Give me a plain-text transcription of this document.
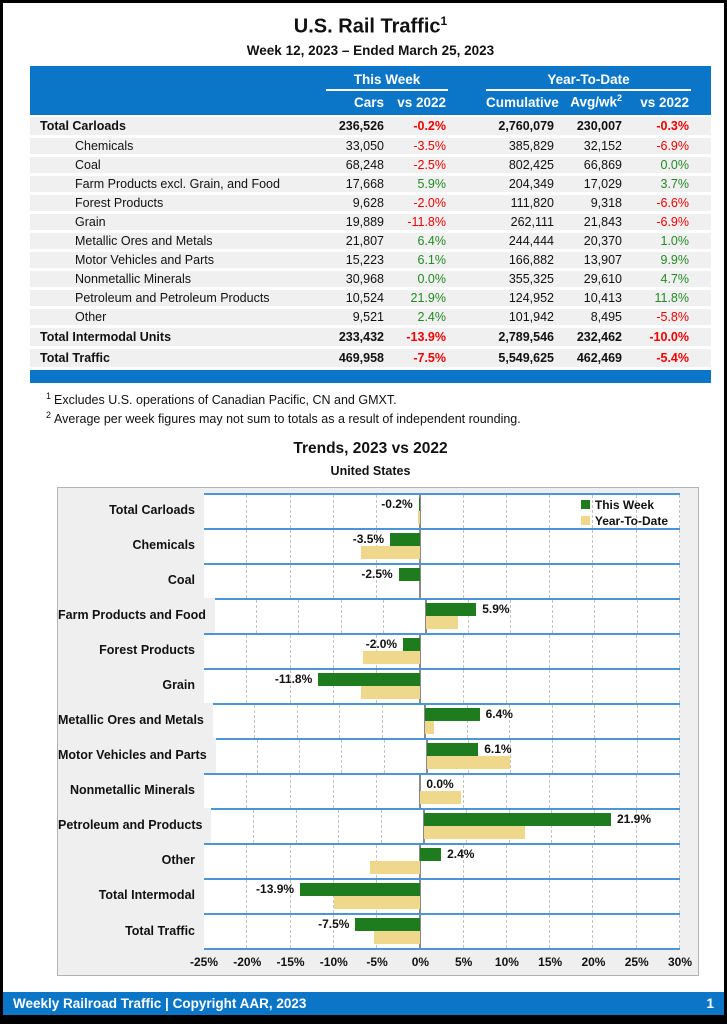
U.S. Rail Traffic$^1$
Week 12, 2023 – Ended March 25, 2023
This Week	Year-To-Date
Cars vs 2022	Cumulative Avg/$wk^2$	vs 2022
Total Carloads	236,526	-0.2%	2,760,079	230,007	-0.3%
Chemicals	33,050	-3.5%	385,829	32,152	-6.9%
Coal	68,248	-2.5%	802,425	66,869	0.0%
Farm Products excl. Grain, and Food	17,668	5.9%	204,349	17,029	3.7%
Forest Products	9,628	-2.0%	111,820	9,318	-6.6%
Grain	19,889	-11.8%	262,111	21,843	-6.9%
Metallic Ores and Metals	21,807	6.4%	244,444	20,370	1.0%
Motor Vehicles and Parts	15,223	6.1%	166,882	13,907	9.9%
Nonmetallic Minerals	30,968	0.0%	355,325	29,610	4.7%
Petroleum and Petroleum Products	10,524	21.9%	124,952	10,413	11.8%
Other	9,521	2.4%	101,942	8,495	-5.8%
Total Intermodal Units	233,432	-13.9%	2,789,546	232,462	-10.0%
Total Traffic	469,958	-7.5%	5,549,625	462,469	-5.4%
$^1$ Excludes U.S. operations of Canadian Pacific, CN and GMXT.
$^2$ Average per week figures may not sum to totals as a result of independent rounding.
Trends, 2023 vs 2022
United States
Total Carloads	-0.2%
Chemicals	-3.5%
Coal	-2.5%
Farm Products and Food	5.9%
Forest Products	-2.0%
Grain	-11.8%
Metallic Ores and Metals	6.4%
Motor Vehicles and Parts	6.1%
Nonmetallic Minerals	0.0%
Petroleum and Products	21.9%
Other	2.4%
Total Intermodal	-13.9%
Total Traffic
-7.5%
-25% -20% -15% -10% -5% 0% 5% 10% 15% 20% 25% 30%
This Week
Year-To-Date
Weekly Railroad Traffic | Copyright AAR, 2023	1
